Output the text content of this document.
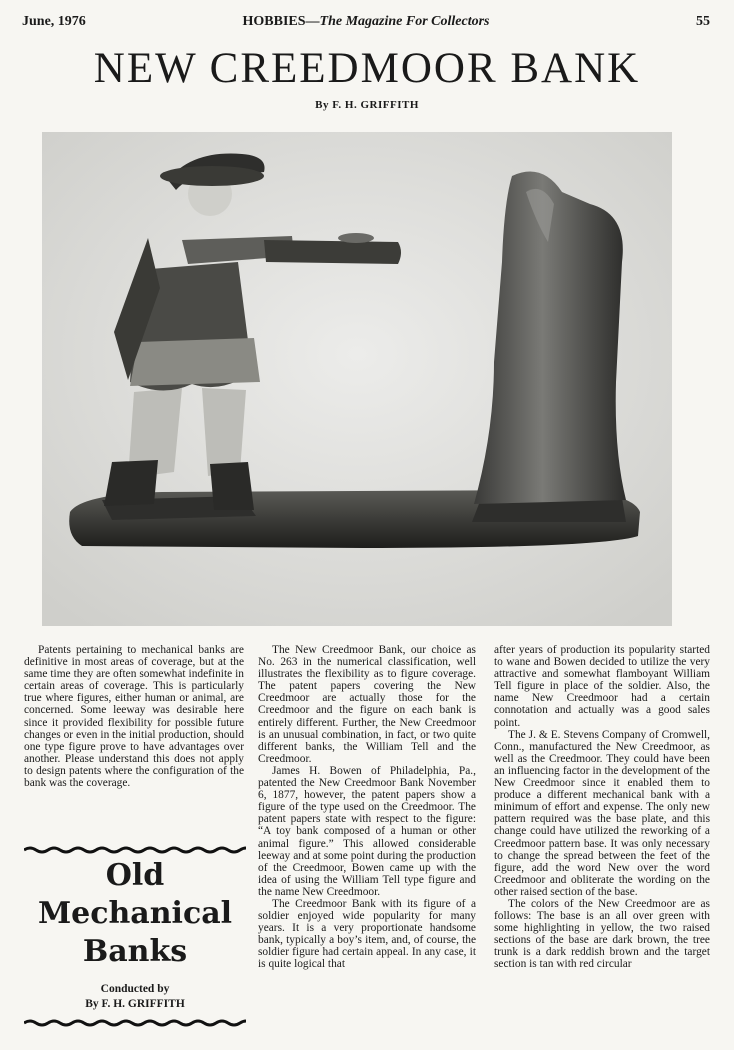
June, 1976	HOBBIES—The Magazine For Collectors	55
NEW CREEDMOOR BANK
By F. H. GRIFFITH

Patents pertaining to mechanical banks are definitive in most areas of coverage, but at the same time they are often somewhat indefinite in certain areas of coverage. This is particularly true where figures, either human or animal, are concerned. Some leeway was desirable here since it provided flexibility for possible future changes or even in the initial production, should one type figure prove to have advantages over another. Please understand this does not apply to design patents where the configuration of the bank was the coverage.

Old
Mechanical
Banks
Conducted by
By F. H. GRIFFITH

The New Creedmoor Bank, our choice as No. 263 in the numerical classification, well illustrates the flexibility as to figure coverage. The patent papers covering the New Creedmoor are actually those for the Creedmoor and the figure on each bank is entirely different. Further, the New Creedmoor is an unusual combination, in fact, or two quite different banks, the William Tell and the Creedmoor.

James H. Bowen of Philadelphia, Pa., patented the New Creedmoor Bank November 6, 1877, however, the patent papers show a figure of the type used on the Creedmoor. The patent papers state with respect to the figure: “A toy bank composed of a human or other animal figure.” This allowed considerable leeway and at some point during the production of the Creedmoor, Bowen came up with the idea of using the William Tell type figure and the name New Creedmoor.

The Creedmoor Bank with its figure of a soldier enjoyed wide popularity for many years. It is a very proportionate handsome bank, typically a boy’s item, and, of course, the soldier figure had certain appeal. In any case, it is quite logical that

after years of production its popularity started to wane and Bowen decided to utilize the very attractive and somewhat flamboyant William Tell figure in place of the soldier. Also, the name New Creedmoor had a certain connotation and actually was a good sales point.

The J. & E. Stevens Company of Cromwell, Conn., manufactured the New Creedmoor, as well as the Creedmoor. They could have been an influencing factor in the development of the New Creedmoor since it enabled them to produce a different mechanical bank with a minimum of effort and expense. The only new pattern required was the base plate, and this change could have utilized the reworking of a Creedmoor pattern base. It was only necessary to change the spread between the feet of the figure, add the word New over the word Creedmoor and obliterate the wording on the other raised section of the base.

The colors of the New Creedmoor are as follows: The base is an all over green with some highlighting in yellow, the two raised sections of the base are dark brown, the tree trunk is a dark reddish brown and the target section is tan with red circular
